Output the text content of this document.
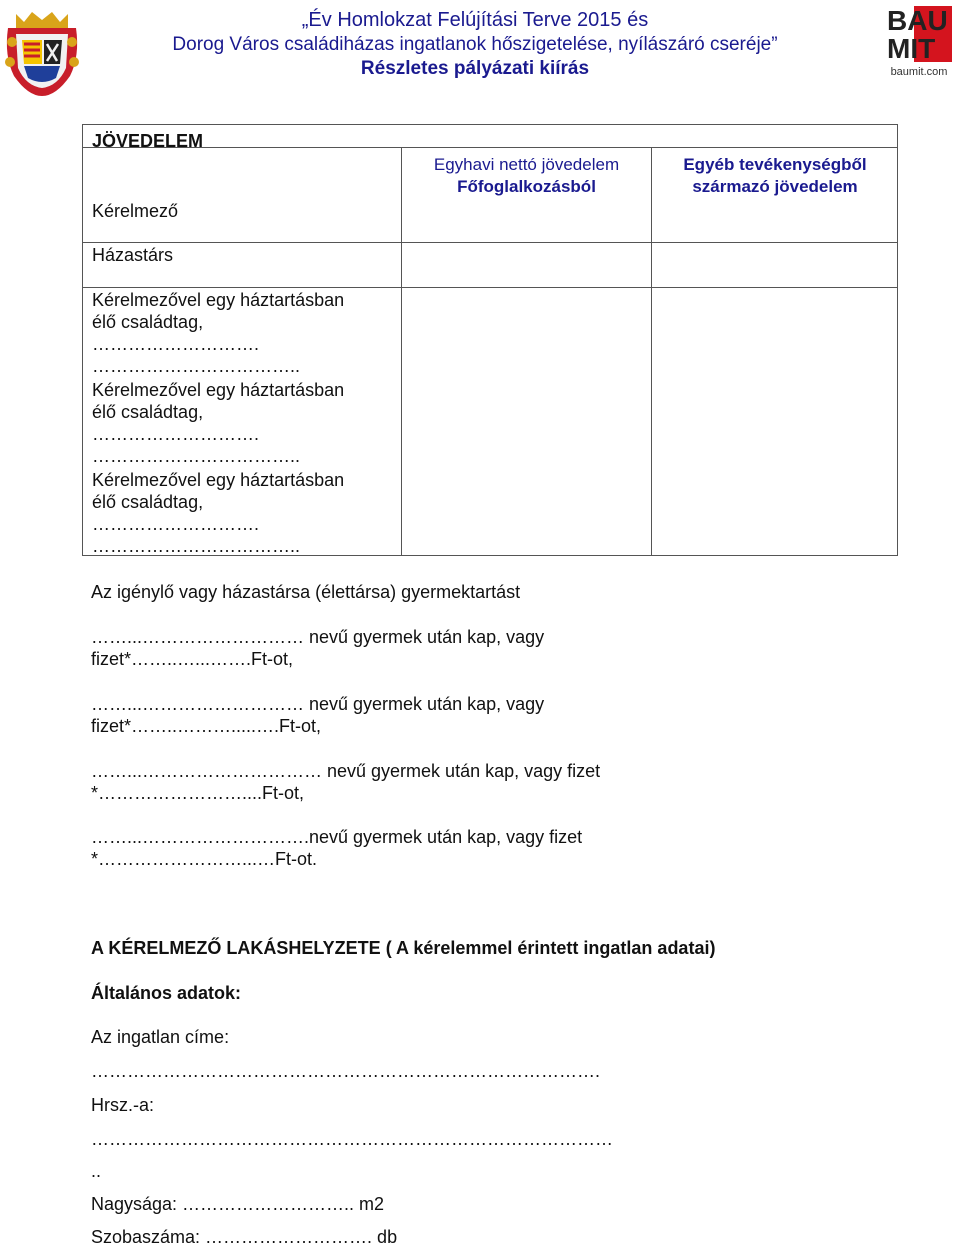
„Év Homlokzat Felújítási Terve 2015 és
Dorog Város családiházas ingatlanok hőszigetelése, nyílászáró cseréje”
Részletes pályázati kiírás
BAU
MIT
baumit.com
JÖVEDELEM
Egyhavi nettó jövedelem
Főfoglalkozásból
Egyéb tevékenységből
származó jövedelem
Kérelmező
Házastárs
Kérelmezővel egy háztartásban
élő családtag,
……………………….
……………………………..
Kérelmezővel egy háztartásban
élő családtag,
……………………….
……………………………..
Kérelmezővel egy háztartásban
élő családtag,
……………………….
……………………………..
Az igénylő vagy házastársa (élettársa) gyermektartást
……...……………………… nevű gyermek után kap, vagy
fizet*……..…...…….Ft-ot,
……...……………………… nevű gyermek után kap, vagy
fizet*……..……….....….Ft-ot,
……...………………………… nevű gyermek után kap, vagy fizet
*……………………....Ft-ot,
……...……………………….nevű gyermek után kap, vagy fizet
*……………………...…Ft-ot.
A KÉRELMEZŐ LAKÁSHELYZETE ( A kérelemmel érintett ingatlan adatai)
Általános adatok:
Az ingatlan címe:
………………………………………………………………………….
Hrsz.-a:
……………………………………………………………………………
..
Nagysága: ……………………….. m2
Szobaszáma: ………………………. db
